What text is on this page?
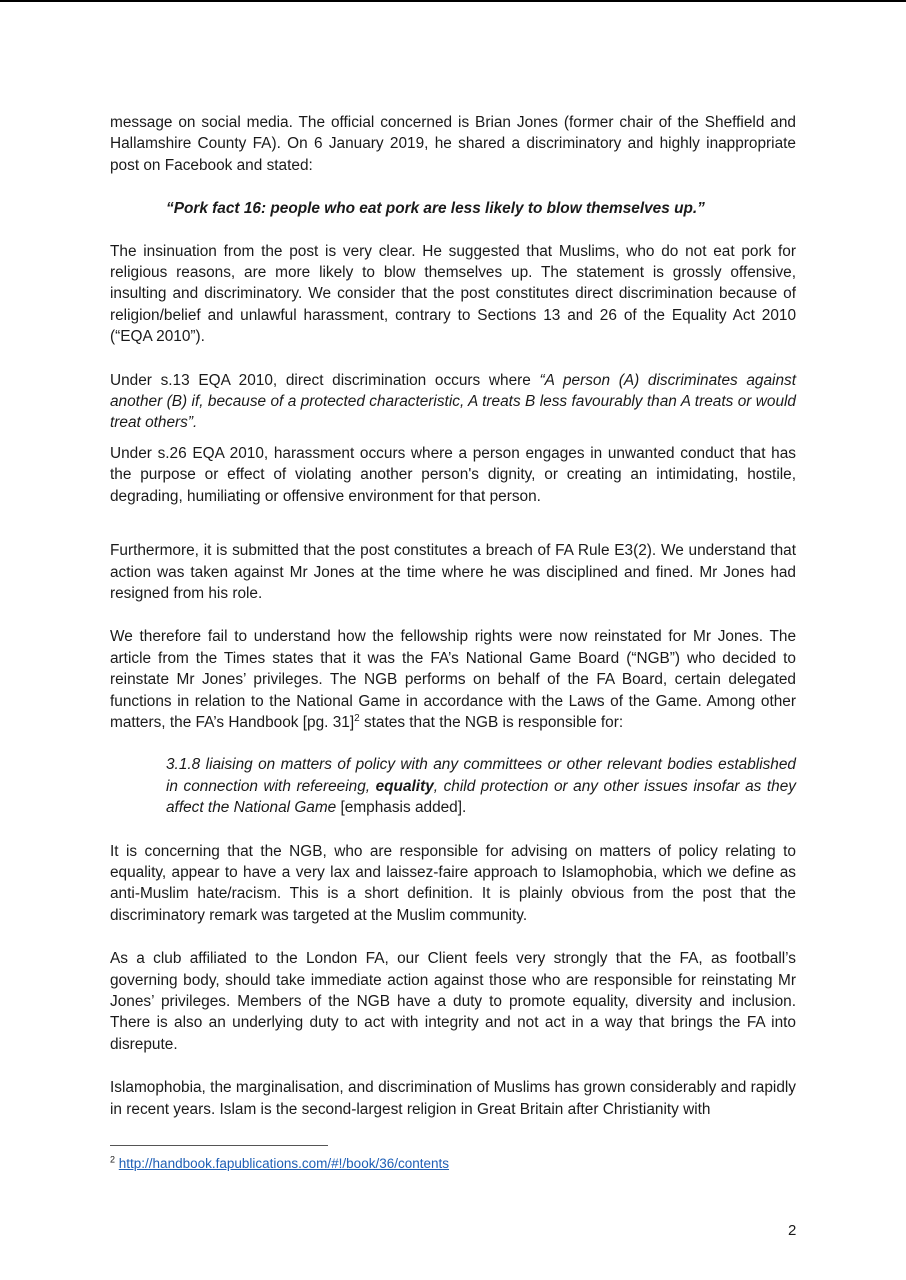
message on social media. The official concerned is Brian Jones (former chair of the Sheffield and Hallamshire County FA). On 6 January 2019, he shared a discriminatory and highly inappropriate post on Facebook and stated:

“Pork fact 16: people who eat pork are less likely to blow themselves up.”

The insinuation from the post is very clear. He suggested that Muslims, who do not eat pork for religious reasons, are more likely to blow themselves up. The statement is grossly offensive, insulting and discriminatory. We consider that the post constitutes direct discrimination because of religion/belief and unlawful harassment, contrary to Sections 13 and 26 of the Equality Act 2010 (“EQA 2010”).

Under s.13 EQA 2010, direct discrimination occurs where “A person (A) discriminates against another (B) if, because of a protected characteristic, A treats B less favourably than A treats or would treat others”.

Under s.26 EQA 2010, harassment occurs where a person engages in unwanted conduct that has the purpose or effect of violating another person's dignity, or creating an intimidating, hostile, degrading, humiliating or offensive environment for that person.

Furthermore, it is submitted that the post constitutes a breach of FA Rule E3(2). We understand that action was taken against Mr Jones at the time where he was disciplined and fined. Mr Jones had resigned from his role.

We therefore fail to understand how the fellowship rights were now reinstated for Mr Jones. The article from the Times states that it was the FA’s National Game Board (“NGB”) who decided to reinstate Mr Jones’ privileges. The NGB performs on behalf of the FA Board, certain delegated functions in relation to the National Game in accordance with the Laws of the Game. Among other matters, the FA’s Handbook [pg. 31]$^2$ states that the NGB is responsible for:

3.1.8 liaising on matters of policy with any committees or other relevant bodies established in connection with refereeing, equality, child protection or any other issues insofar as they affect the National Game [emphasis added].

It is concerning that the NGB, who are responsible for advising on matters of policy relating to equality, appear to have a very lax and laissez-faire approach to Islamophobia, which we define as anti-Muslim hate/racism. This is a short definition. It is plainly obvious from the post that the discriminatory remark was targeted at the Muslim community.

As a club affiliated to the London FA, our Client feels very strongly that the FA, as football’s governing body, should take immediate action against those who are responsible for reinstating Mr Jones’ privileges. Members of the NGB have a duty to promote equality, diversity and inclusion. There is also an underlying duty to act with integrity and not act in a way that brings the FA into disrepute.

Islamophobia, the marginalisation, and discrimination of Muslims has grown considerably and rapidly in recent years. Islam is the second-largest religion in Great Britain after Christianity with

$^2$ http://handbook.fapublications.com/#!/book/36/contents
2
